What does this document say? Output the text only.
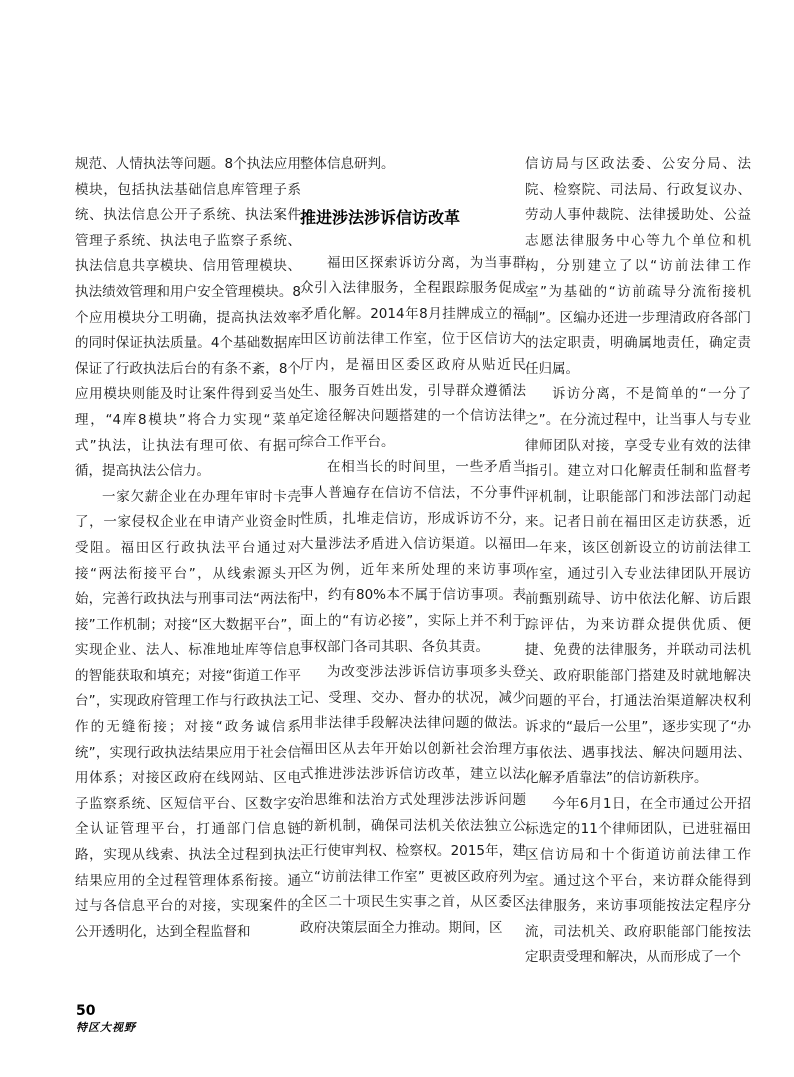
规范、人情执法等问题。8个执法应用模块，包括执法基础信息库管理子系统、执法信息公开子系统、执法案件管理子系统、执法电子监察子系统、执法信息共享模块、信用管理模块、执法绩效管理和用户安全管理模块。8个应用模块分工明确，提高执法效率的同时保证执法质量。4个基础数据库保证了行政执法后台的有条不紊，8个应用模块则能及时让案件得到妥当处理，“4库8模块”将合力实现“菜单式”执法，让执法有理可依、有据可循，提高执法公信力。

一家欠薪企业在办理年审时卡壳了，一家侵权企业在申请产业资金时受阻。福田区行政执法平台通过对接“两法衔接平台”，从线索源头开始，完善行政执法与刑事司法“两法衔接”工作机制；对接“区大数据平台”，实现企业、法人、标准地址库等信息的智能获取和填充；对接“街道工作平台”，实现政府管理工作与行政执法工作的无缝衔接；对接“政务诚信系统”，实现行政执法结果应用于社会信用体系；对接区政府在线网站、区电子监察系统、区短信平台、区数字安全认证管理平台，打通部门信息链路，实现从线索、执法全过程到执法结果应用的全过程管理体系衔接。通过与各信息平台的对接，实现案件的公开透明化，达到全程监督和

整体信息研判。

推进涉法涉诉信访改革

福田区探索诉访分离，为当事群众引入法律服务，全程跟踪服务促成矛盾化解。2014年8月挂牌成立的福田区访前法律工作室，位于区信访大厅内，是福田区委区政府从贴近民生、服务百姓出发，引导群众遵循法定途径解决问题搭建的一个信访法律综合工作平台。

在相当长的时间里，一些矛盾当事人普遍存在信访不信法，不分事件性质，扎堆走信访，形成诉访不分，大量涉法矛盾进入信访渠道。以福田区为例，近年来所处理的来访事项中，约有80%本不属于信访事项。表面上的“有访必接”，实际上并不利于事权部门各司其职、各负其责。

为改变涉法涉诉信访事项多头登记、受理、交办、督办的状况，减少用非法律手段解决法律问题的做法。福田区从去年开始以创新社会治理方式推进涉法涉诉信访改革，建立以法治思维和法治方式处理涉法涉诉问题的新机制，确保司法机关依法独立公正行使审判权、检察权。2015年，建立“访前法律工作室” 更被区政府列为全区二十项民生实事之首，从区委区政府决策层面全力推动。期间，区

信访局与区政法委、公安分局、法院、检察院、司法局、行政复议办、劳动人事仲裁院、法律援助处、公益志愿法律服务中心等九个单位和机构，分别建立了以“访前法律工作室”为基础的“访前疏导分流衔接机制”。区编办还进一步理清政府各部门的法定职责，明确属地责任，确定责任归属。

诉访分离，不是简单的“一分了之”。在分流过程中，让当事人与专业律师团队对接，享受专业有效的法律指引。建立对口化解责任制和监督考评机制，让职能部门和涉法部门动起来。记者日前在福田区走访获悉，近一年来，该区创新设立的访前法律工作室，通过引入专业法律团队开展访前甄别疏导、访中依法化解、访后跟踪评估，为来访群众提供优质、便捷、免费的法律服务，并联动司法机关、政府职能部门搭建及时就地解决问题的平台，打通法治渠道解决权利诉求的“最后一公里”，逐步实现了“办事依法、遇事找法、解决问题用法、化解矛盾靠法”的信访新秩序。

今年6月1日，在全市通过公开招标选定的11个律师团队，已进驻福田区信访局和十个街道访前法律工作室。通过这个平台，来访群众能得到法律服务，来访事项能按法定程序分流，司法机关、政府职能部门能按法定职责受理和解决，从而形成了一个

50
特区大视野
